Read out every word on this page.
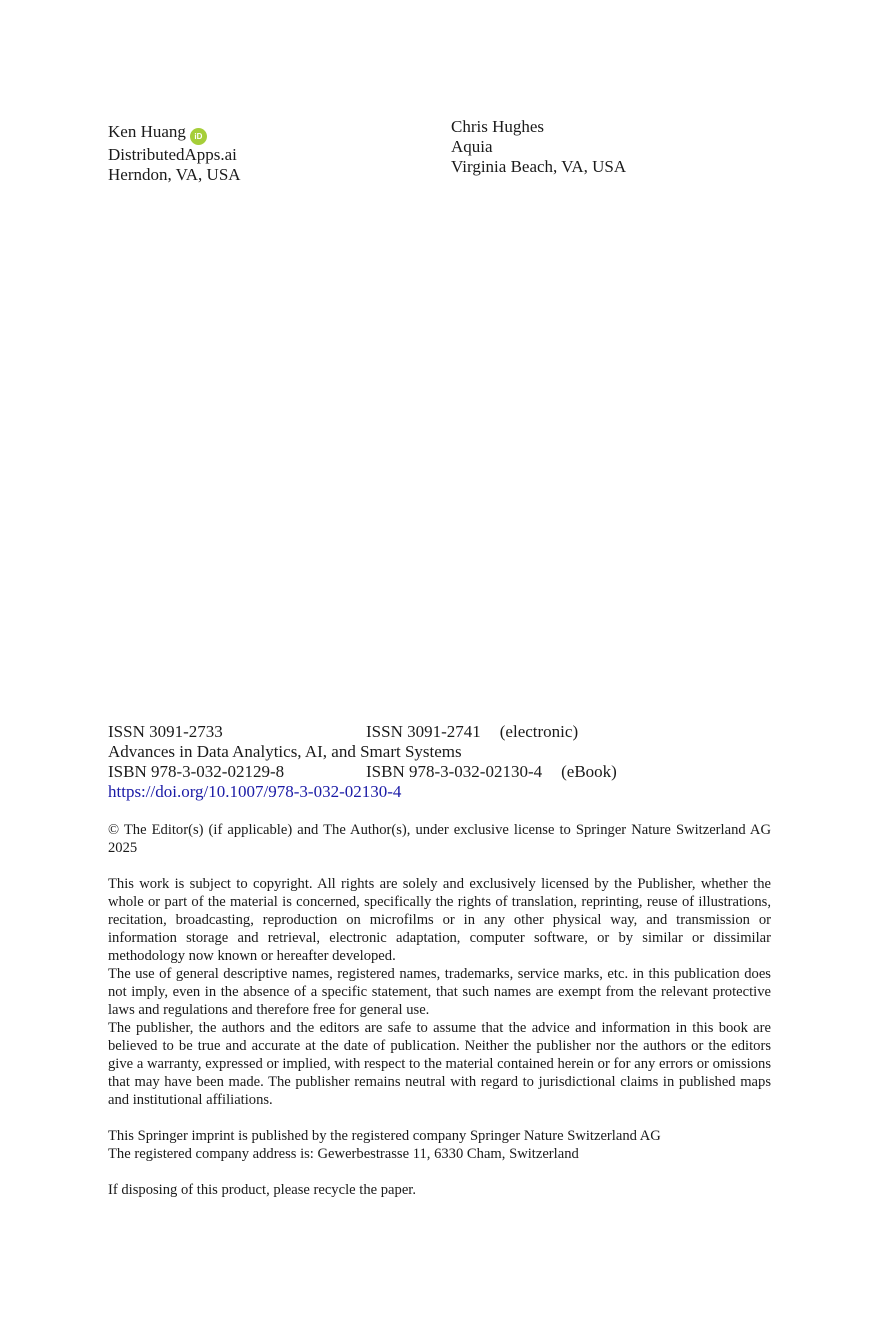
Ken Huang iD
DistributedApps.ai
Herndon, VA, USA
Chris Hughes
Aquia
Virginia Beach, VA, USA
ISSN 3091-2733	ISSN 3091-2741 (electronic)
Advances in Data Analytics, AI, and Smart Systems
ISBN 978-3-032-02129-8	ISBN 978-3-032-02130-4 (eBook)
https://doi.org/10.1007/978-3-032-02130-4

© The Editor(s) (if applicable) and The Author(s), under exclusive license to Springer Nature Switzerland AG 2025

This work is subject to copyright. All rights are solely and exclusively licensed by the Publisher, whether the whole or part of the material is concerned, specifically the rights of translation, reprinting, reuse of illustrations, recitation, broadcasting, reproduction on microfilms or in any other physical way, and transmission or information storage and retrieval, electronic adaptation, computer software, or by similar or dissimilar methodology now known or hereafter developed.

The use of general descriptive names, registered names, trademarks, service marks, etc. in this publication does not imply, even in the absence of a specific statement, that such names are exempt from the relevant protective laws and regulations and therefore free for general use.

The publisher, the authors and the editors are safe to assume that the advice and information in this book are believed to be true and accurate at the date of publication. Neither the publisher nor the authors or the editors give a warranty, expressed or implied, with respect to the material contained herein or for any errors or omissions that may have been made. The publisher remains neutral with regard to jurisdictional claims in published maps and institutional affiliations.

This Springer imprint is published by the registered company Springer Nature Switzerland AG

The registered company address is: Gewerbestrasse 11, 6330 Cham, Switzerland

If disposing of this product, please recycle the paper.
